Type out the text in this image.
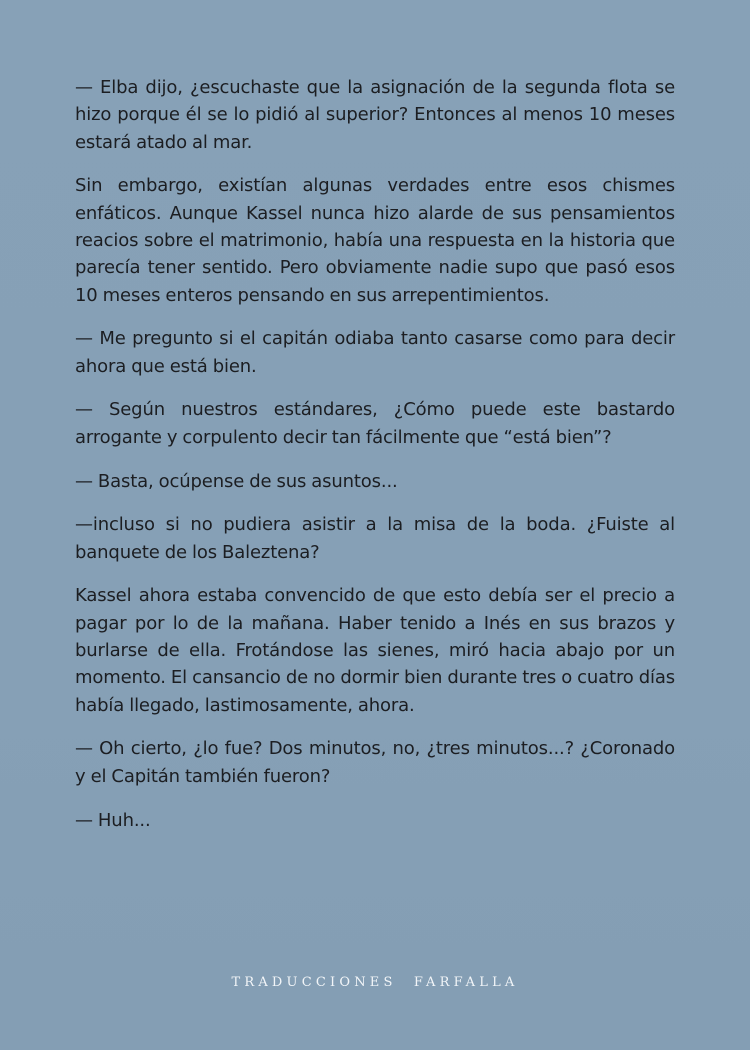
— Elba dijo, ¿escuchaste que la asignación de la segunda flota se hizo porque él se lo pidió al superior? Entonces al menos 10 meses estará atado al mar.

Sin embargo, existían algunas verdades entre esos chismes enfáticos. Aunque Kassel nunca hizo alarde de sus pensamientos reacios sobre el matrimonio, había una respuesta en la historia que parecía tener sentido. Pero obviamente nadie supo que pasó esos 10 meses enteros pensando en sus arrepentimientos.

— Me pregunto si el capitán odiaba tanto casarse como para decir ahora que está bien.

— Según nuestros estándares, ¿Cómo puede este bastardo arrogante y corpulento decir tan fácilmente que “está bien”?

— Basta, ocúpense de sus asuntos...

—incluso si no pudiera asistir a la misa de la boda. ¿Fuiste al banquete de los Baleztena?

Kassel ahora estaba convencido de que esto debía ser el precio a pagar por lo de la mañana. Haber tenido a Inés en sus brazos y burlarse de ella. Frotándose las sienes, miró hacia abajo por un momento. El cansancio de no dormir bien durante tres o cuatro días había llegado, lastimosamente, ahora.

— Oh cierto, ¿lo fue? Dos minutos, no, ¿tres minutos...? ¿Coronado y el Capitán también fueron?

— Huh...

TRADUCCIONES FARFALLA
